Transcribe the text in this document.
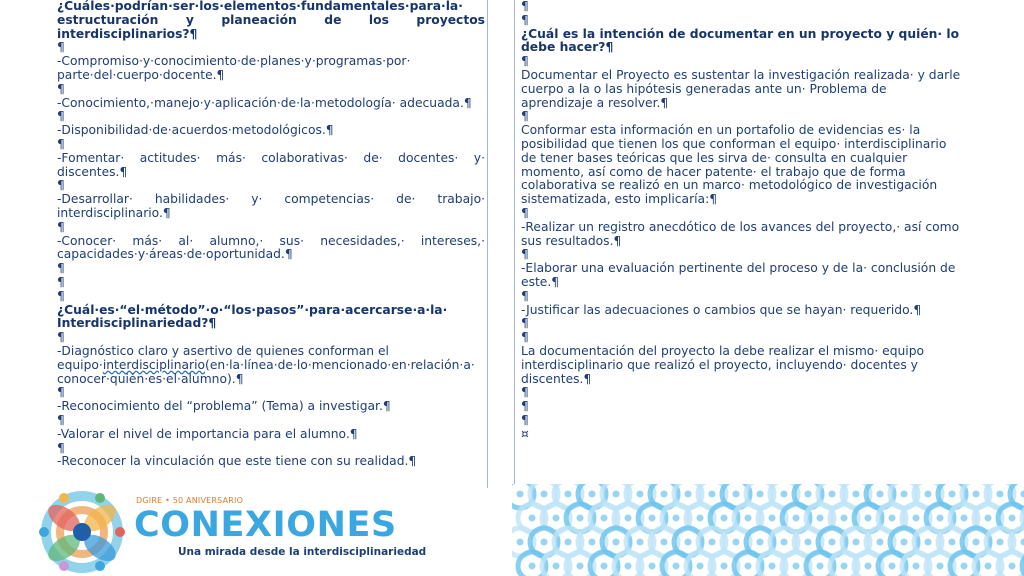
¿Cuáles·podrían·ser·los·elementos·fundamentales·para·la· estructuración y planeación de los proyectos interdisciplinarios?¶

¶

-Compromiso·y·conocimiento·de·planes·y·programas·por· parte·del·cuerpo·docente.¶

¶

-Conocimiento,·manejo·y·aplicación·de·la·metodología· adecuada.¶

¶

-Disponibilidad·de·acuerdos·metodológicos.¶

¶

-Fomentar· actitudes· más· colaborativas· de· docentes· y· discentes.¶

¶

-Desarrollar· habilidades· y· competencias· de· trabajo· interdisciplinario.¶

¶

-Conocer· más· al· alumno,· sus· necesidades,· intereses,· capacidades·y·áreas·de·oportunidad.¶

¶

¶

¶

¿Cuál·es·“el·método”·o·“los·pasos”·para·acercarse·a·la· Interdisciplinariedad?¶

¶

-Diagnóstico claro y asertivo de quienes conforman el equipo·interdisciplinario(en·la·línea·de·lo·mencionado·en·relación·a· conocer·quién·es·el·alumno).¶

¶

-Reconocimiento del “problema” (Tema) a investigar.¶

¶

-Valorar el nivel de importancia para el alumno.¶

¶

-Reconocer la vinculación que este tiene con su realidad.¶

¶

¶

¿Cuál es la intención de documentar en un proyecto y quién· lo debe hacer?¶

¶

Documentar el Proyecto es sustentar la investigación realizada· y darle cuerpo a la o las hipótesis generadas ante un· Problema de aprendizaje a resolver.¶

¶

Conformar esta información en un portafolio de evidencias es· la posibilidad que tienen los que conforman el equipo· interdisciplinario de tener bases teóricas que les sirva de· consulta en cualquier momento, así como de hacer patente· el trabajo que de forma colaborativa se realizó en un marco· metodológico de investigación sistematizada, esto implicaría:¶

¶

-Realizar un registro anecdótico de los avances del proyecto,· así como sus resultados.¶

¶

-Elaborar una evaluación pertinente del proceso y de la· conclusión de este.¶

¶

-Justificar las adecuaciones o cambios que se hayan· requerido.¶

¶

¶

La documentación del proyecto la debe realizar el mismo· equipo interdisciplinario que realizó el proyecto, incluyendo· docentes y discentes.¶

¶

¶

¶

¤

DGIRE • 50 ANIVERSARIO
CONEXIONES
Una mirada desde la interdisciplinariedad
